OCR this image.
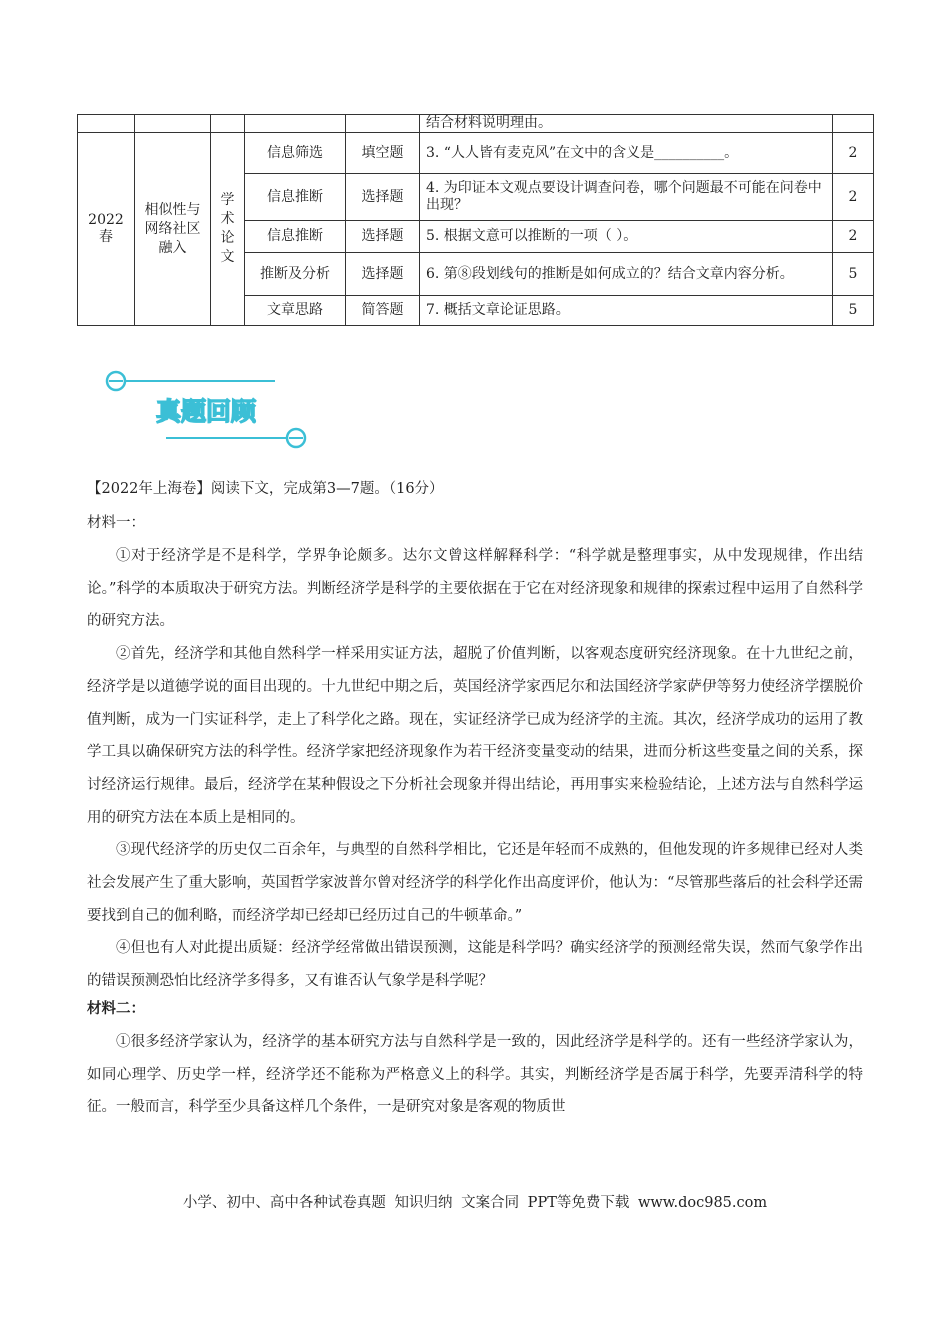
					结合材料说明理由。	
2022春	相似性与网络社区融入	学术论文	信息筛选	填空题	3. “人人皆有麦克风”在文中的含义是__________。	2
			信息推断	选择题	4. 为印证本文观点要设计调查问卷，哪个问题最不可能在问卷中出现？	2
			信息推断	选择题	5. 根据文意可以推断的一项（ ）。	2
			推断及分析	选择题	6. 第⑧段划线句的推断是如何成立的？结合文章内容分析。	5
			文章思路	简答题	7. 概括文章论证思路。	5
真题回顾

【2022年上海卷】阅读下文，完成第3—7题。（16分）

材料一：

①对于经济学是不是科学，学界争论颇多。达尔文曾这样解释科学：“科学就是整理事实，从中发现规律，作出结论。”科学的本质取决于研究方法。判断经济学是科学的主要依据在于它在对经济现象和规律的探索过程中运用了自然科学的研究方法。

②首先，经济学和其他自然科学一样采用实证方法，超脱了价值判断，以客观态度研究经济现象。在十九世纪之前，经济学是以道德学说的面目出现的。十九世纪中期之后，英国经济学家西尼尔和法国经济学家萨伊等努力使经济学摆脱价值判断，成为一门实证科学，走上了科学化之路。现在，实证经济学已成为经济学的主流。其次，经济学成功的运用了教学工具以确保研究方法的科学性。经济学家把经济现象作为若干经济变量变动的结果，进而分析这些变量之间的关系，探讨经济运行规律。最后，经济学在某种假设之下分析社会现象并得出结论，再用事实来检验结论，上述方法与自然科学运用的研究方法在本质上是相同的。

③现代经济学的历史仅二百余年，与典型的自然科学相比，它还是年轻而不成熟的，但他发现的许多规律已经对人类社会发展产生了重大影响，英国哲学家波普尔曾对经济学的科学化作出高度评价，他认为：“尽管那些落后的社会科学还需要找到自己的伽利略，而经济学却已经却已经历过自己的牛顿革命。”

④但也有人对此提出质疑：经济学经常做出错误预测，这能是科学吗？确实经济学的预测经常失误，然而气象学作出的错误预测恐怕比经济学多得多，又有谁否认气象学是科学呢？

材料二：

①很多经济学家认为，经济学的基本研究方法与自然科学是一致的，因此经济学是科学的。还有一些经济学家认为，如同心理学、历史学一样，经济学还不能称为严格意义上的科学。其实，判断经济学是否属于科学，先要弄清科学的特征。一般而言，科学至少具备这样几个条件，一是研究对象是客观的物质世

小学、初中、高中各种试卷真题 知识归纳 文案合同 PPT等免费下载 www.doc985.com
